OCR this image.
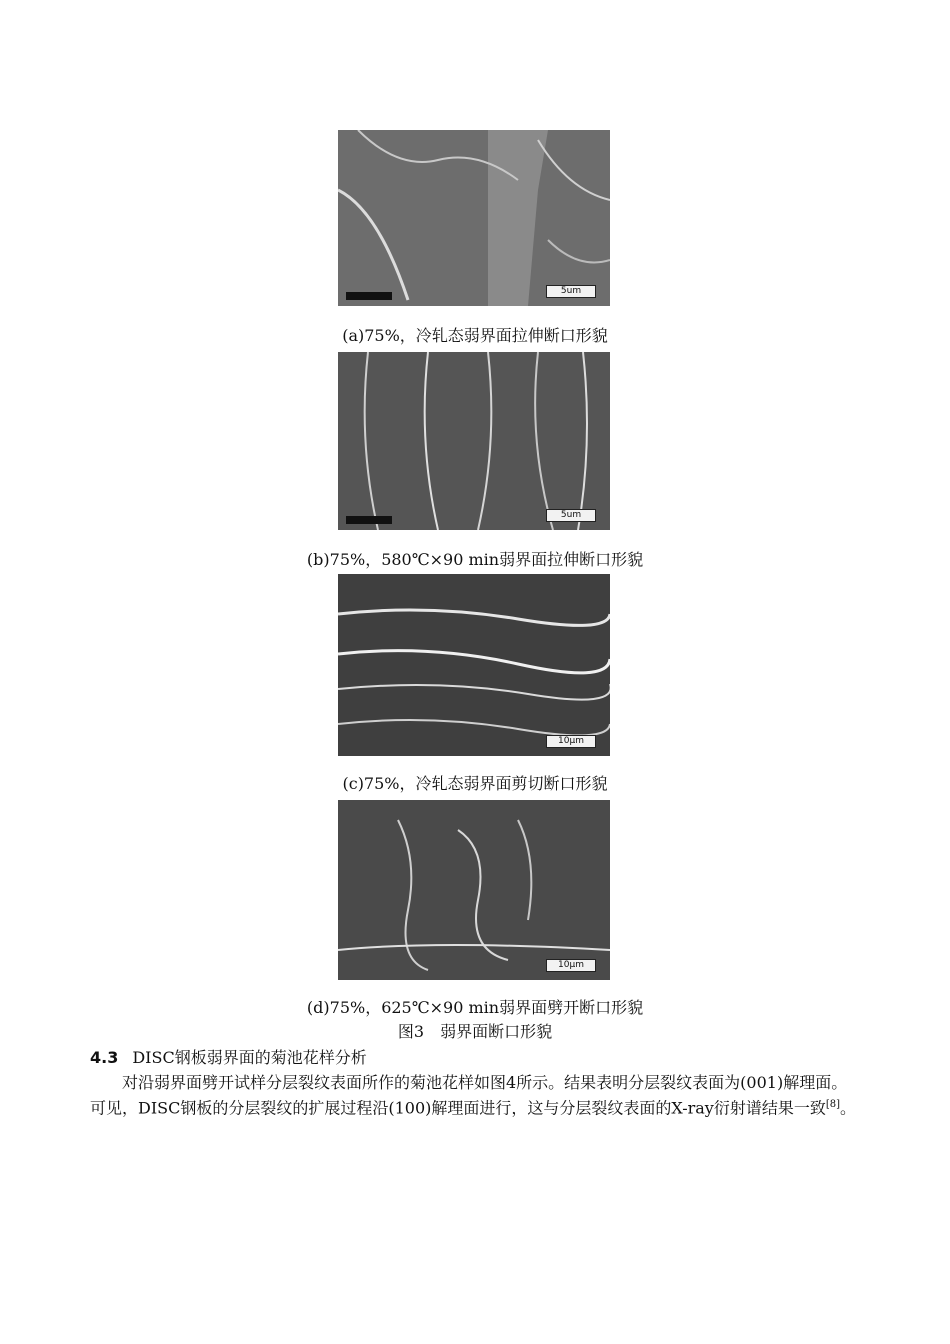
5um
(a)75%，冷轧态弱界面拉伸断口形貌
5um
(b)75%，580℃×90 min弱界面拉伸断口形貌
10μm
(c)75%，冷轧态弱界面剪切断口形貌
10μm
(d)75%，625℃×90 min弱界面劈开断口形貌
图3　弱界面断口形貌
4.3 DISC钢板弱界面的菊池花样分析
对沿弱界面劈开试样分层裂纹表面所作的菊池花样如图4所示。结果表明分层裂纹表面为(001)解理面。可见，DISC钢板的分层裂纹的扩展过程沿(100)解理面进行，这与分层裂纹表面的X-ray衍射谱结果一致[8]。
